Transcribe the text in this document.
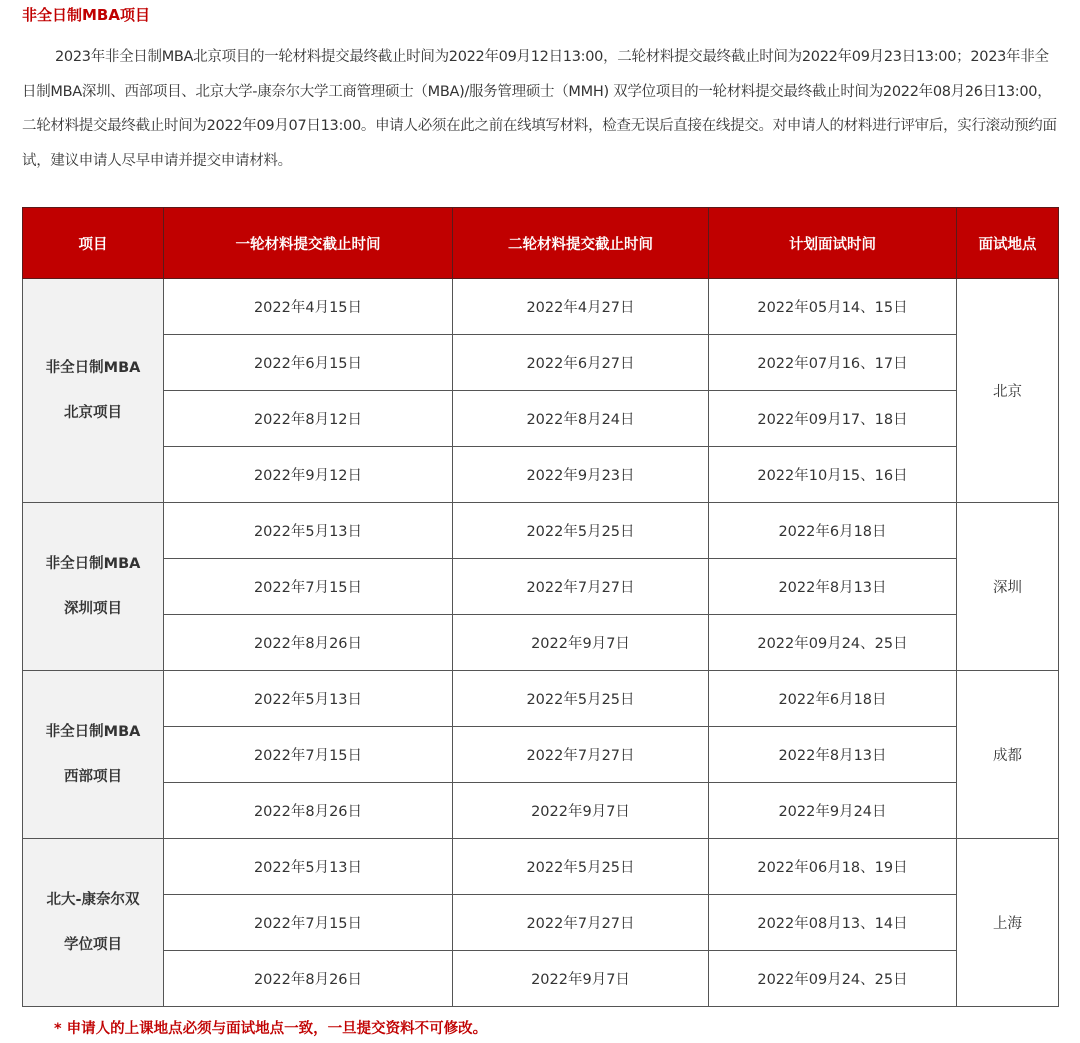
非全日制MBA项目
2023年非全日制MBA北京项目的一轮材料提交最终截止时间为2022年09月12日13:00，二轮材料提交最终截止时间为2022年09月23日13:00；2023年非全日制MBA深圳、西部项目、北京大学-康奈尔大学工商管理硕士（MBA)/服务管理硕士（MMH) 双学位项目的一轮材料提交最终截止时间为2022年08月26日13:00，二轮材料提交最终截止时间为2022年09月07日13:00。申请人必须在此之前在线填写材料，检查无误后直接在线提交。对申请人的材料进行评审后，实行滚动预约面试，建议申请人尽早申请并提交申请材料。
项目	一轮材料提交截止时间	二轮材料提交截止时间	计划面试时间	面试地点

非全日制MBA
北京项目	2022年4月15日	2022年4月27日	2022年05月14、15日	北京
	2022年6月15日	2022年6月27日	2022年07月16、17日	
	2022年8月12日	2022年8月24日	2022年09月17、18日	
	2022年9月12日	2022年9月23日	2022年10月15、16日	

非全日制MBA
深圳项目	2022年5月13日	2022年5月25日	2022年6月18日	深圳
	2022年7月15日	2022年7月27日	2022年8月13日	
	2022年8月26日	2022年9月7日	2022年09月24、25日	

非全日制MBA
西部项目	2022年5月13日	2022年5月25日	2022年6月18日	成都
	2022年7月15日	2022年7月27日	2022年8月13日	
	2022年8月26日	2022年9月7日	2022年9月24日	

北大-康奈尔双
学位项目	2022年5月13日	2022年5月25日	2022年06月18、19日	上海
	2022年7月15日	2022年7月27日	2022年08月13、14日	
	2022年8月26日	2022年9月7日	2022年09月24、25日	
* 申请人的上课地点必须与面试地点一致，一旦提交资料不可修改。
